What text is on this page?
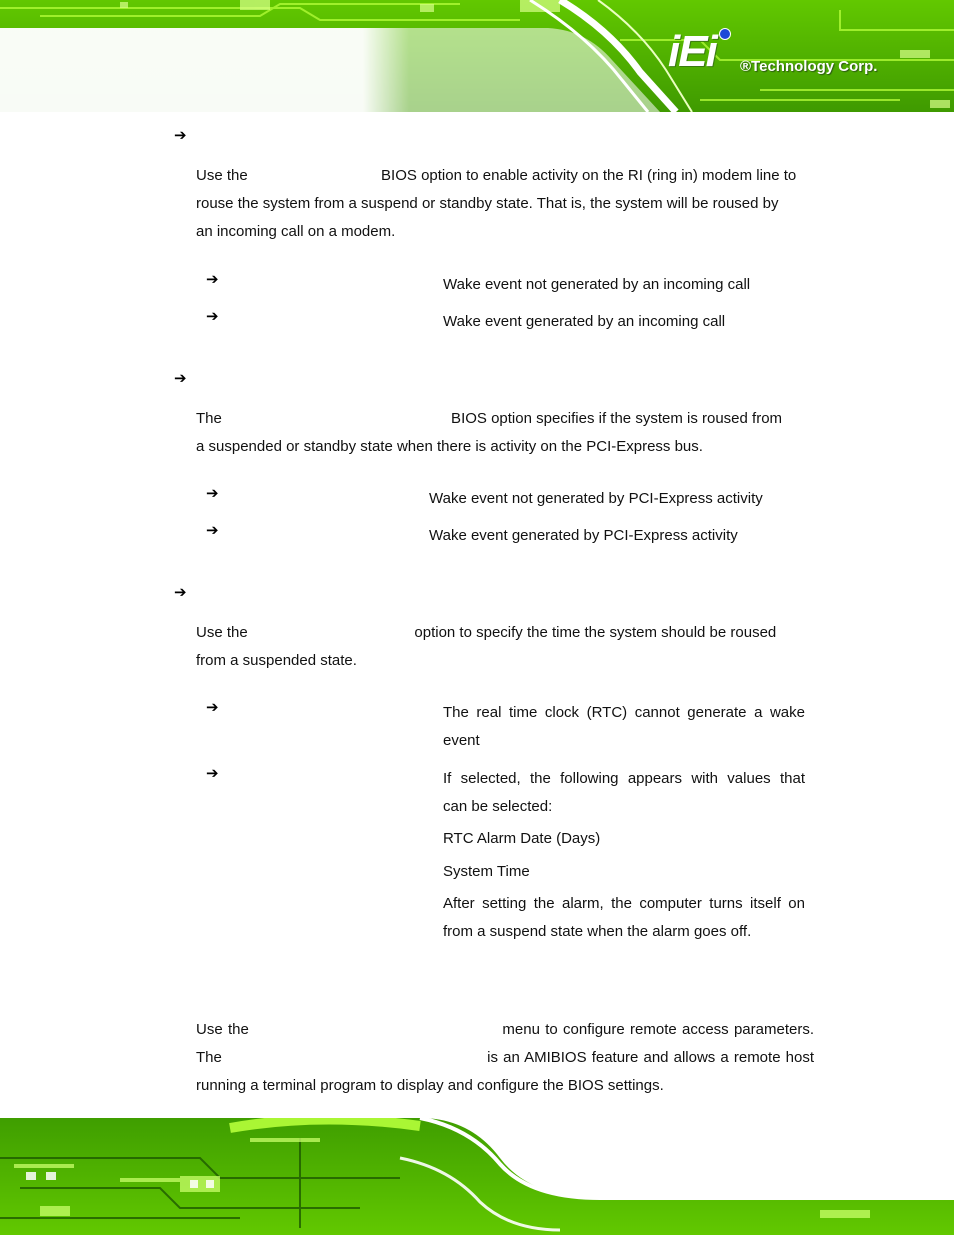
iEi ®Technology Corp.
➔
Use the                                BIOS option to enable activity on the RI (ring in) modem line to
rouse the system from a suspend or standby state. That is, the system will be roused by
an incoming call on a modem.
➔	Wake event not generated by an incoming call
➔	Wake event generated by an incoming call
➔
The                                                       BIOS option specifies if the system is roused from
a suspended or standby state when there is activity on the PCI-Express bus.
➔	Wake event not generated by PCI-Express activity
➔	Wake event generated by PCI-Express activity
➔
Use the                                        option to specify the time the system should be roused
from a suspended state.
➔	The real time clock (RTC) cannot generate a wake
event
➔	If selected, the following appears with values that
can be selected:
RTC Alarm Date (Days)
System Time
After setting the alarm, the computer turns itself on
from a suspend state when the alarm goes off.
Use the                                                menu to configure remote access parameters.
The                                                    is an AMIBIOS feature and allows a remote host
running a terminal program to display and configure the BIOS settings.
